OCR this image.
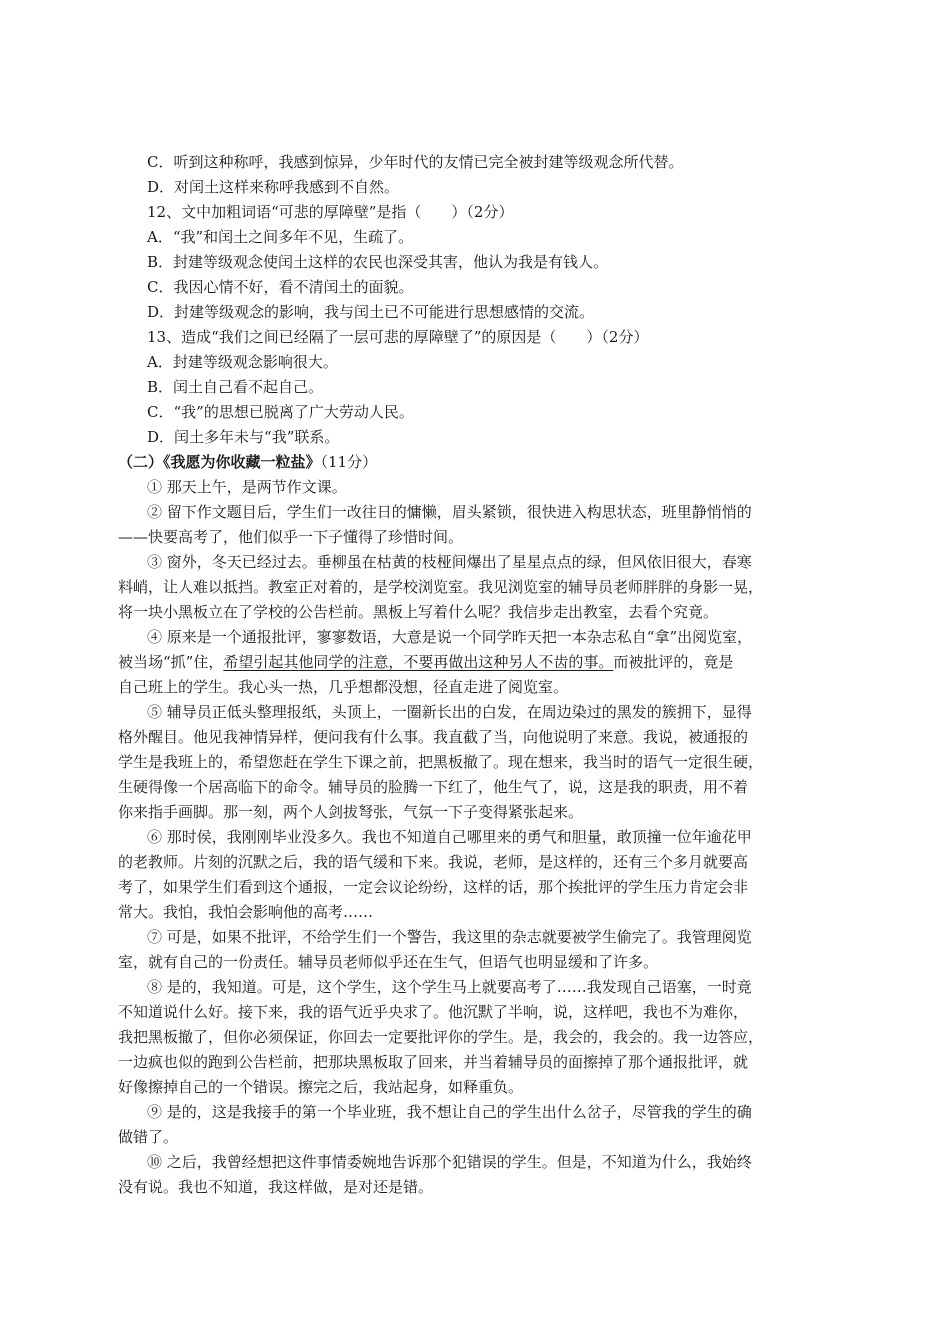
C．听到这种称呼，我感到惊异，少年时代的友情已完全被封建等级观念所代替。

D．对闰土这样来称呼我感到不自然。

12、文中加粗词语“可悲的厚障壁”是指（　　）（2分）

A．“我”和闰土之间多年不见，生疏了。

B．封建等级观念使闰土这样的农民也深受其害，他认为我是有钱人。

C．我因心情不好，看不清闰土的面貌。

D．封建等级观念的影响，我与闰土已不可能进行思想感情的交流。

13、造成“我们之间已经隔了一层可悲的厚障壁了”的原因是（　　）（2分）

A．封建等级观念影响很大。

B．闰土自己看不起自己。

C．“我”的思想已脱离了广大劳动人民。

D．闰土多年未与“我”联系。

（二）《我愿为你收藏一粒盐》（11分）

① 那天上午，是两节作文课。

② 留下作文题目后，学生们一改往日的慵懒，眉头紧锁，很快进入构思状态，班里静悄悄的

——快要高考了，他们似乎一下子懂得了珍惜时间。

③ 窗外，冬天已经过去。垂柳虽在枯黄的枝桠间爆出了星星点点的绿，但风依旧很大，春寒

料峭，让人难以抵挡。教室正对着的，是学校浏览室。我见浏览室的辅导员老师胖胖的身影一晃，

将一块小黑板立在了学校的公告栏前。黑板上写着什么呢？我信步走出教室，去看个究竟。

④ 原来是一个通报批评，寥寥数语，大意是说一个同学昨天把一本杂志私自“拿”出阅览室，

被当场“抓”住，希望引起其他同学的注意，不要再做出这种另人不齿的事。而被批评的，竟是

自己班上的学生。我心头一热，几乎想都没想，径直走进了阅览室。

⑤ 辅导员正低头整理报纸，头顶上，一圈新长出的白发，在周边染过的黑发的簇拥下，显得

格外醒目。他见我神情异样，便问我有什么事。我直截了当，向他说明了来意。我说，被通报的

学生是我班上的，希望您赶在学生下课之前，把黑板撤了。现在想来，我当时的语气一定很生硬，

生硬得像一个居高临下的命令。辅导员的脸腾一下红了，他生气了，说，这是我的职责，用不着

你来指手画脚。那一刻，两个人剑拔弩张，气氛一下子变得紧张起来。

⑥ 那时侯，我刚刚毕业没多久。我也不知道自己哪里来的勇气和胆量，敢顶撞一位年逾花甲

的老教师。片刻的沉默之后，我的语气缓和下来。我说，老师，是这样的，还有三个多月就要高

考了，如果学生们看到这个通报，一定会议论纷纷，这样的话，那个挨批评的学生压力肯定会非

常大。我怕，我怕会影响他的高考……

⑦ 可是，如果不批评，不给学生们一个警告，我这里的杂志就要被学生偷完了。我管理阅览

室，就有自己的一份责任。辅导员老师似乎还在生气，但语气也明显缓和了许多。

⑧ 是的，我知道。可是，这个学生，这个学生马上就要高考了……我发现自己语塞，一时竟

不知道说什么好。接下来，我的语气近乎央求了。他沉默了半响，说，这样吧，我也不为难你，

我把黑板撤了，但你必须保证，你回去一定要批评你的学生。是，我会的，我会的。我一边答应，

一边疯也似的跑到公告栏前，把那块黑板取了回来，并当着辅导员的面擦掉了那个通报批评，就

好像擦掉自己的一个错误。擦完之后，我站起身，如释重负。

⑨ 是的，这是我接手的第一个毕业班，我不想让自己的学生出什么岔子，尽管我的学生的确

做错了。

⑩ 之后，我曾经想把这件事情委婉地告诉那个犯错误的学生。但是，不知道为什么，我始终

没有说。我也不知道，我这样做，是对还是错。
